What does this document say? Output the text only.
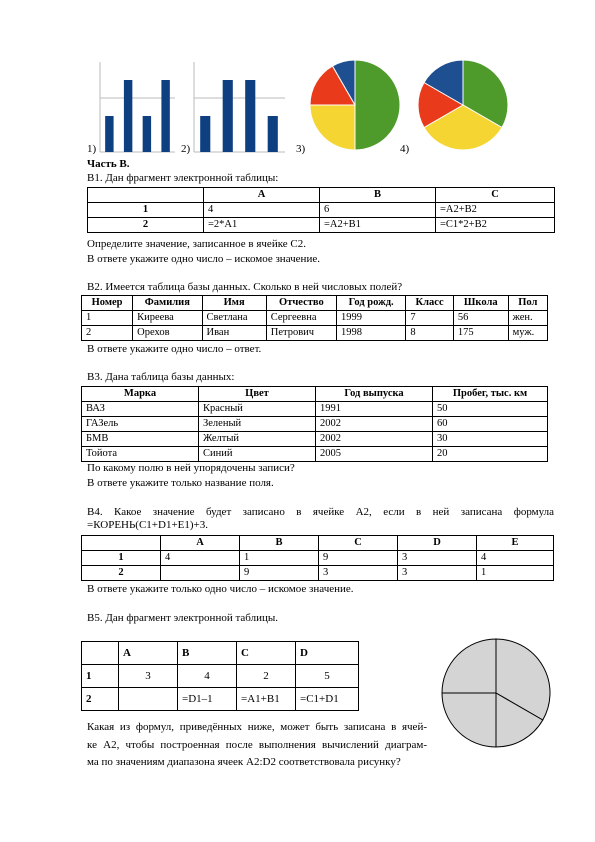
1)	2)	3)	4)
Часть В.
В1. Дан фрагмент электронной таблицы:
	A	B	C
1	4	6	=A2+B2
2	=2*A1	=A2+B1	=C1*2+B2
Определите значение, записанное в ячейке C2.
В ответе укажите одно число – искомое значение.
В2. Имеется таблица базы данных. Сколько в ней числовых полей?
Номер	Фамилия	Имя	Отчество	Год рожд.	Класс	Школа	Пол
1	Киреева	Светлана	Сергеевна	1999	7	56	жен.
2	Орехов	Иван	Петрович	1998	8	175	муж.
В ответе укажите одно число – ответ.
В3. Дана таблица базы данных:
Марка	Цвет	Год выпуска	Пробег, тыс. км
ВАЗ	Красный	1991	50
ГАЗель	Зеленый	2002	60
БМВ	Желтый	2002	30
Тойота	Синий	2005	20
По какому полю в ней упорядочены записи?
В ответе укажите только название поля.
В4. Какое значение будет записано в ячейке A2, если в ней записана формула
=КОРЕНЬ(C1+D1+E1)+3.
	A	B	C	D	E
1	4	1	9	3	4
2		9	3	3	1
В ответе укажите только одно число – искомое значение.
В5. Дан фрагмент электронной таблицы.
	A	B	C	D
1	3	4	2	5
2		=D1–1	=A1+B1	=C1+D1
Какая из формул, приведённых ниже, может быть записана в ячей-
ке A2, чтобы построенная после выполнения вычислений диаграм-
ма по значениям диапазона ячеек A2:D2 соответствовала рисунку?
